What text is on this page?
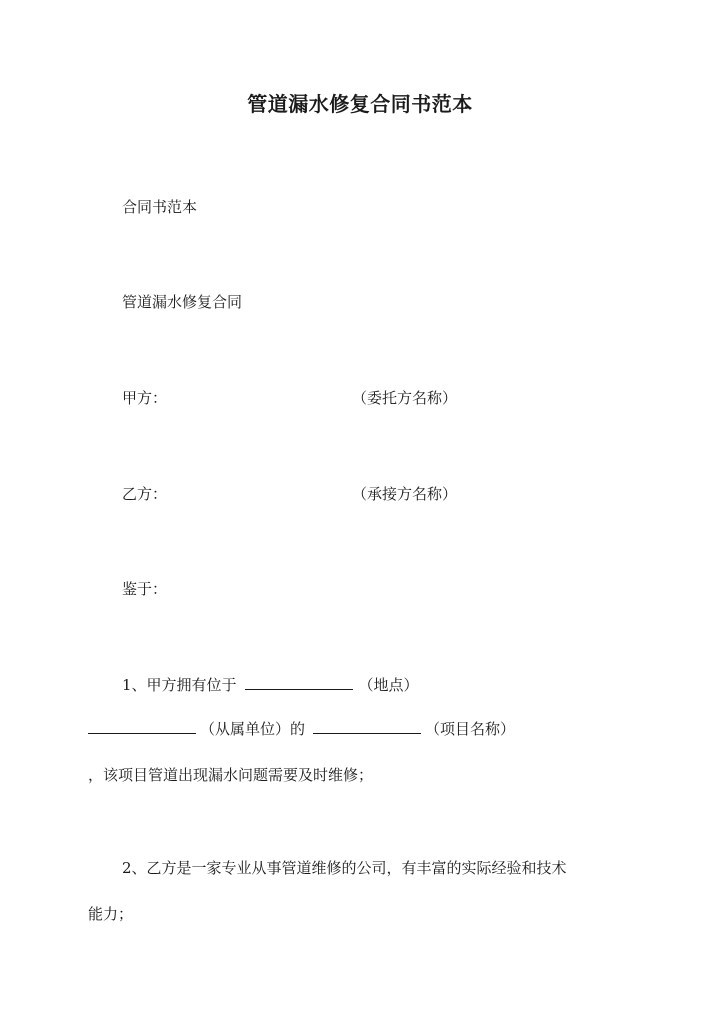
管道漏水修复合同书范本
合同书范本
管道漏水修复合同
甲方：	（委托方名称）
乙方：	（承接方名称）
鉴于：
1、甲方拥有位于	（地点）
（从属单位）的	（项目名称）
，该项目管道出现漏水问题需要及时维修；
2、乙方是一家专业从事管道维修的公司，有丰富的实际经验和技术
能力；
